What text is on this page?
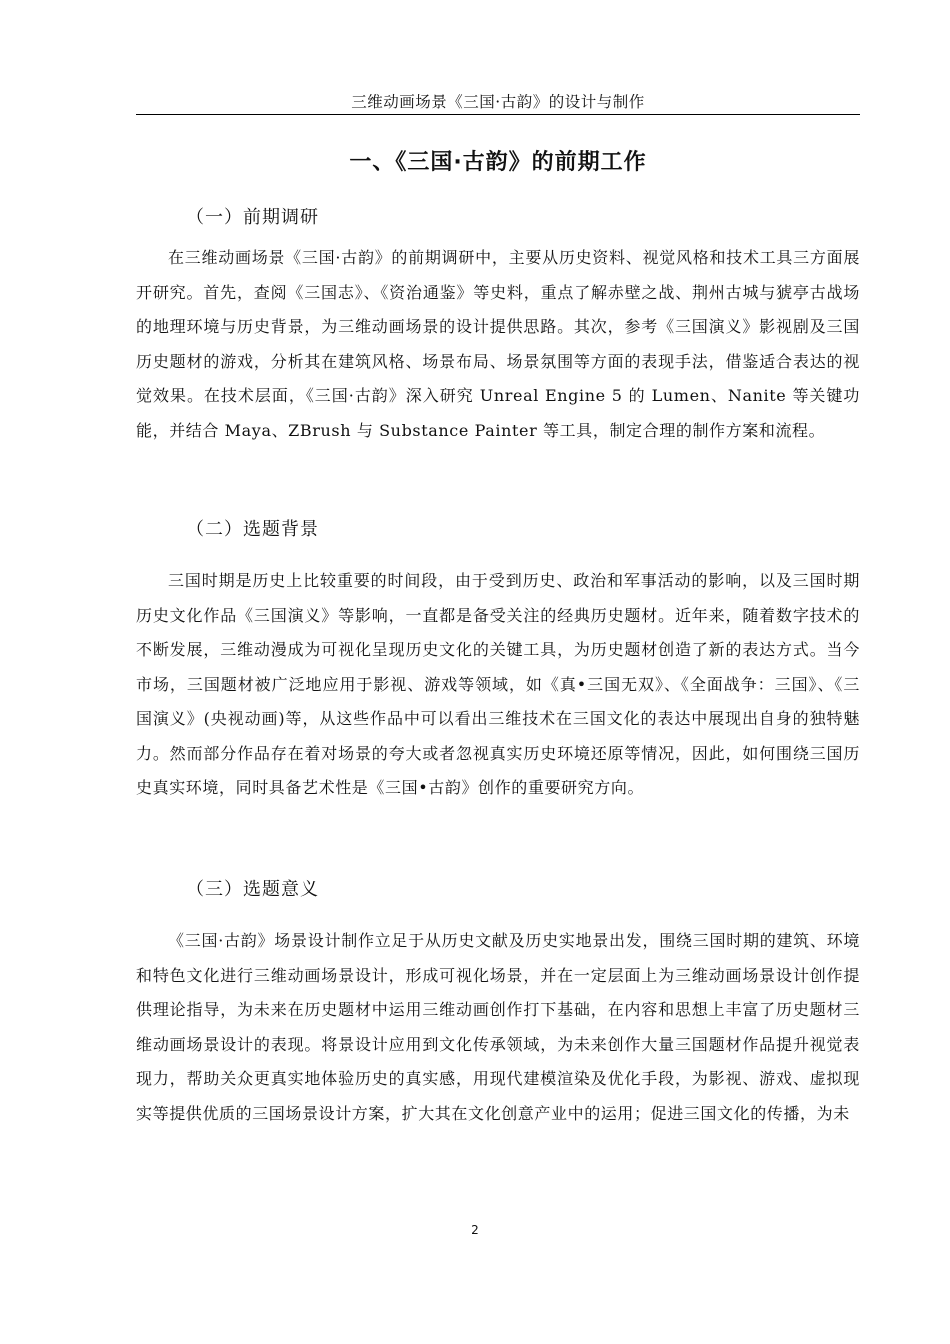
三维动画场景《三国·古韵》的设计与制作
一、《三国·古韵》的前期工作
（一）前期调研

在三维动画场景《三国·古韵》的前期调研中，主要从历史资料、视觉风格和技术工具三方面展开研究。首先，查阅《三国志》、《资治通鉴》等史料，重点了解赤壁之战、荆州古城与猇亭古战场的地理环境与历史背景，为三维动画场景的设计提供思路。其次，参考《三国演义》影视剧及三国历史题材的游戏，分析其在建筑风格、场景布局、场景氛围等方面的表现手法，借鉴适合表达的视觉效果。在技术层面，《三国·古韵》深入研究 Unreal Engine 5 的 Lumen、Nanite 等关键功能，并结合 Maya、ZBrush 与 Substance Painter 等工具，制定合理的制作方案和流程。

（二）选题背景

三国时期是历史上比较重要的时间段，由于受到历史、政治和军事活动的影响，以及三国时期历史文化作品《三国演义》等影响，一直都是备受关注的经典历史题材。近年来，随着数字技术的不断发展，三维动漫成为可视化呈现历史文化的关键工具，为历史题材创造了新的表达方式。当今市场，三国题材被广泛地应用于影视、游戏等领域，如《真•三国无双》、《全面战争：三国》、《三国演义》(央视动画)等，从这些作品中可以看出三维技术在三国文化的表达中展现出自身的独特魅力。然而部分作品存在着对场景的夸大或者忽视真实历史环境还原等情况，因此，如何围绕三国历史真实环境，同时具备艺术性是《三国•古韵》创作的重要研究方向。

（三）选题意义

《三国·古韵》场景设计制作立足于从历史文献及历史实地景出发，围绕三国时期的建筑、环境和特色文化进行三维动画场景设计，形成可视化场景，并在一定层面上为三维动画场景设计创作提供理论指导，为未来在历史题材中运用三维动画创作打下基础，在内容和思想上丰富了历史题材三维动画场景设计的表现。将景设计应用到文化传承领域，为未来创作大量三国题材作品提升视觉表现力，帮助关众更真实地体验历史的真实感，用现代建模渲染及优化手段，为影视、游戏、虚拟现实等提供优质的三国场景设计方案，扩大其在文化创意产业中的运用；促进三国文化的传播，为未

2
